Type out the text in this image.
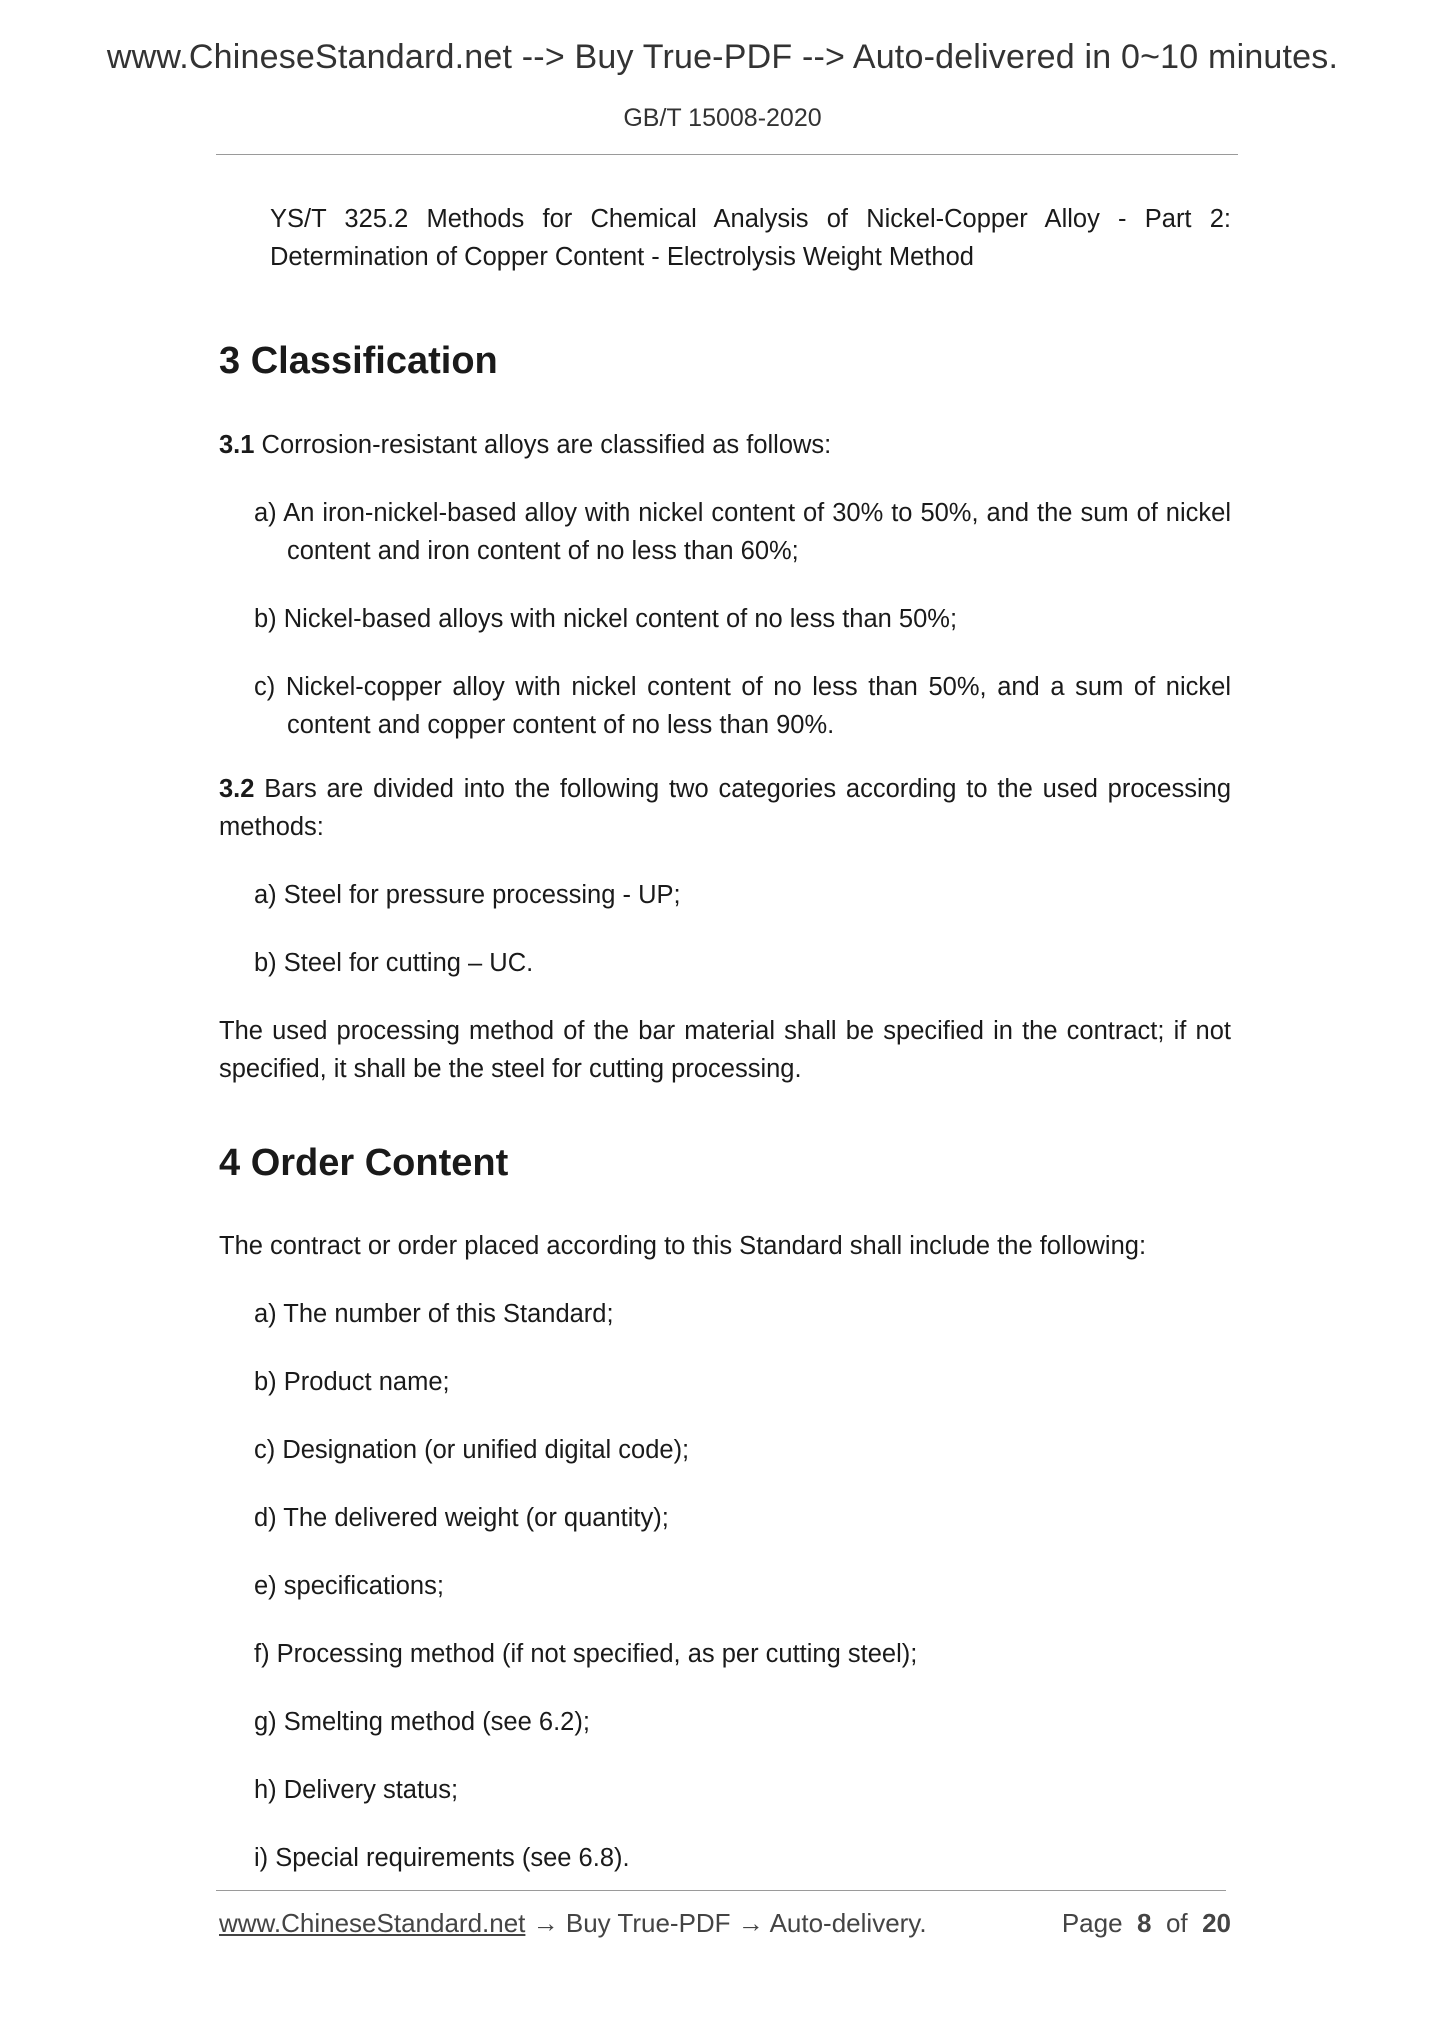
www.ChineseStandard.net --> Buy True-PDF --> Auto-delivered in 0~10 minutes.
GB/T 15008-2020

YS/T 325.2 Methods for Chemical Analysis of Nickel-Copper Alloy - Part 2: Determination of Copper Content - Electrolysis Weight Method

3 Classification

3.1 Corrosion-resistant alloys are classified as follows:

a) An iron-nickel-based alloy with nickel content of 30% to 50%, and the sum of nickel content and iron content of no less than 60%;

b) Nickel-based alloys with nickel content of no less than 50%;

c) Nickel-copper alloy with nickel content of no less than 50%, and a sum of nickel content and copper content of no less than 90%.

3.2 Bars are divided into the following two categories according to the used processing methods:

a) Steel for pressure processing - UP;

b) Steel for cutting – UC.

The used processing method of the bar material shall be specified in the contract; if not specified, it shall be the steel for cutting processing.

4 Order Content

The contract or order placed according to this Standard shall include the following:

a) The number of this Standard;

b) Product name;

c) Designation (or unified digital code);

d) The delivered weight (or quantity);

e) specifications;

f) Processing method (if not specified, as per cutting steel);

g) Smelting method (see 6.2);

h) Delivery status;

i) Special requirements (see 6.8).

www.ChineseStandard.net → Buy True-PDF → Auto-delivery.	Page 8 of 20
